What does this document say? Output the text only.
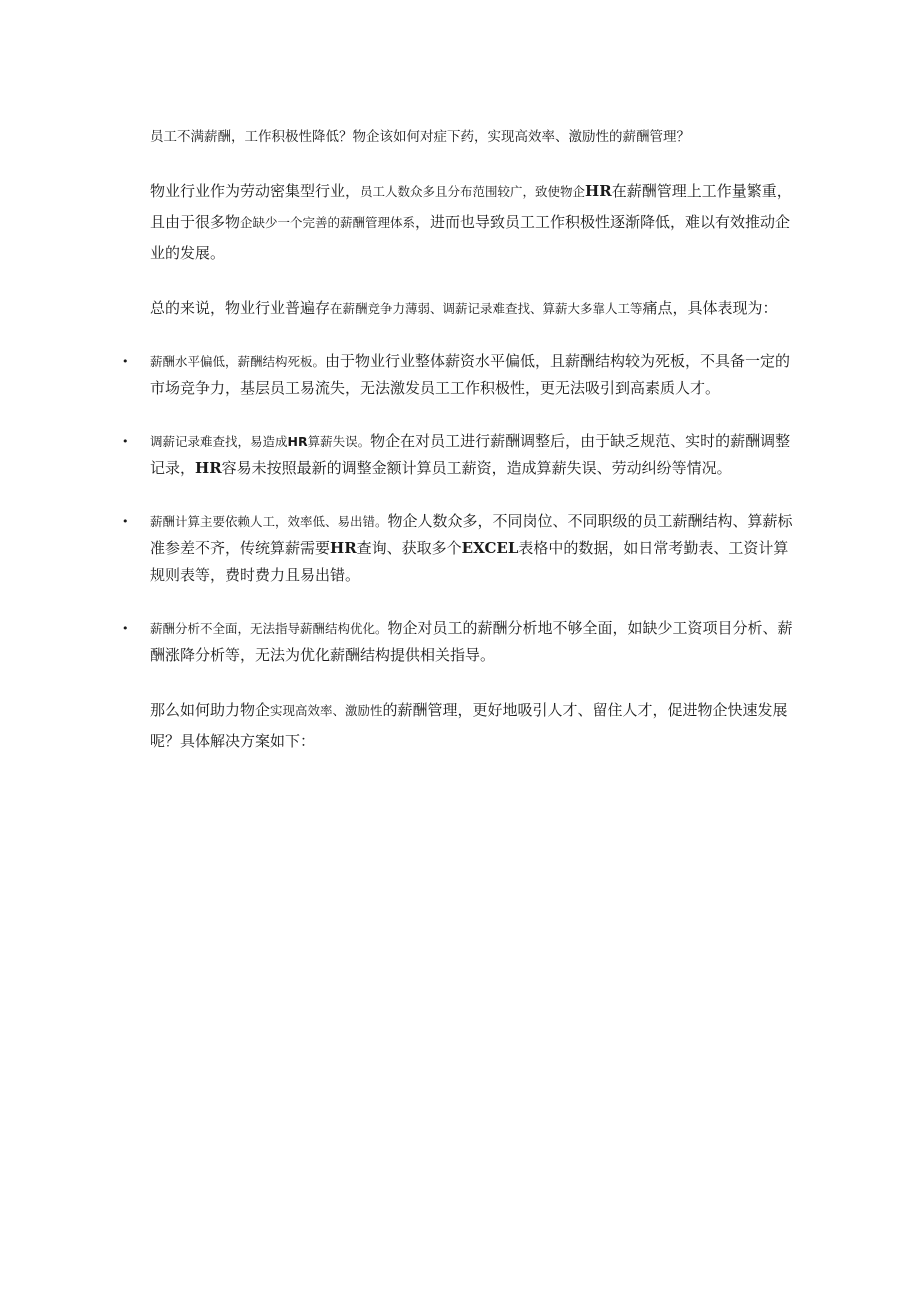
员工不满薪酬，工作积极性降低？物企该如何对症下药，实现高效率、激励性的薪酬管理？

物业行业作为劳动密集型行业，员工人数众多且分布范围较广，致使物企HR在薪酬管理上工作量繁重，且由于很多物企缺少一个完善的薪酬管理体系，进而也导致员工工作积极性逐渐降低，难以有效推动企业的发展。

总的来说，物业行业普遍存在薪酬竞争力薄弱、调薪记录难查找、算薪大多靠人工等痛点，具体表现为：

• 薪酬水平偏低，薪酬结构死板。由于物业行业整体薪资水平偏低，且薪酬结构较为死板，不具备一定的市场竞争力，基层员工易流失，无法激发员工工作积极性，更无法吸引到高素质人才。
• 调薪记录难查找，易造成HR算薪失误。物企在对员工进行薪酬调整后，由于缺乏规范、实时的薪酬调整记录，HR容易未按照最新的调整金额计算员工薪资，造成算薪失误、劳动纠纷等情况。
• 薪酬计算主要依赖人工，效率低、易出错。物企人数众多，不同岗位、不同职级的员工薪酬结构、算薪标准参差不齐，传统算薪需要HR查询、获取多个EXCEL表格中的数据，如日常考勤表、工资计算规则表等，费时费力且易出错。
• 薪酬分析不全面，无法指导薪酬结构优化。物企对员工的薪酬分析地不够全面，如缺少工资项目分析、薪酬涨降分析等，无法为优化薪酬结构提供相关指导。

那么如何助力物企实现高效率、激励性的薪酬管理，更好地吸引人才、留住人才，促进物企快速发展呢？具体解决方案如下：
